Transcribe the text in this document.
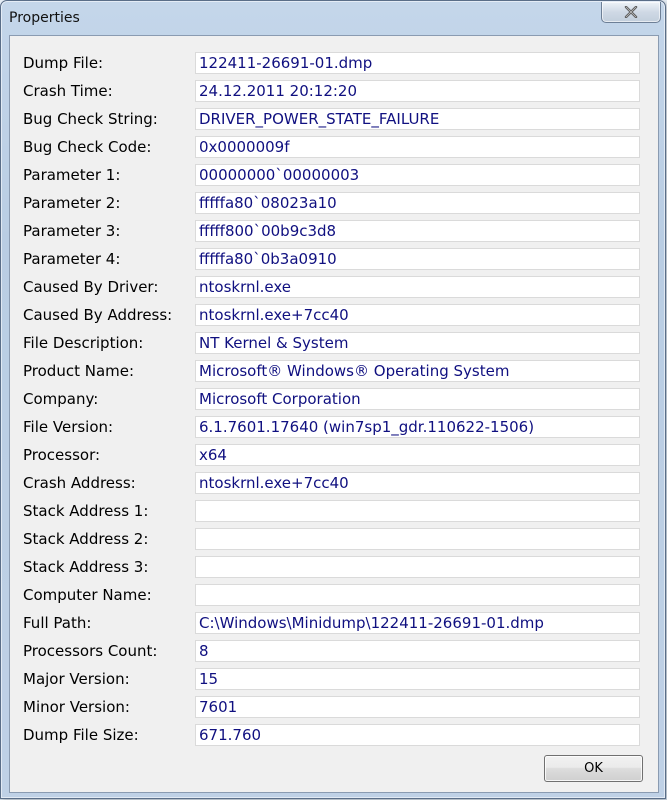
Properties
Dump File:	122411-26691-01.dmp
Crash Time:	24.12.2011 20:12:20
Bug Check String:	DRIVER_POWER_STATE_FAILURE
Bug Check Code:	0x0000009f
Parameter 1:	00000000`00000003
Parameter 2:	fffffa80`08023a10
Parameter 3:	fffff800`00b9c3d8
Parameter 4:	fffffa80`0b3a0910
Caused By Driver:	ntoskrnl.exe
Caused By Address: ntoskrnl.exe+7cc40
File Description:	NT Kernel & System
Product Name:	Microsoft® Windows® Operating System
Company:	Microsoft Corporation
File Version:	6.1.7601.17640 (win7sp1_gdr.110622-1506)
Processor:	x64
Crash Address:	ntoskrnl.exe+7cc40
Stack Address 1:
Stack Address 2:
Stack Address 3:
Computer Name:
Full Path:	C:\Windows\Minidump\122411-26691-01.dmp
Processors Count:	8
Major Version:	15
Minor Version:	7601
Dump File Size:	671.760
OK
